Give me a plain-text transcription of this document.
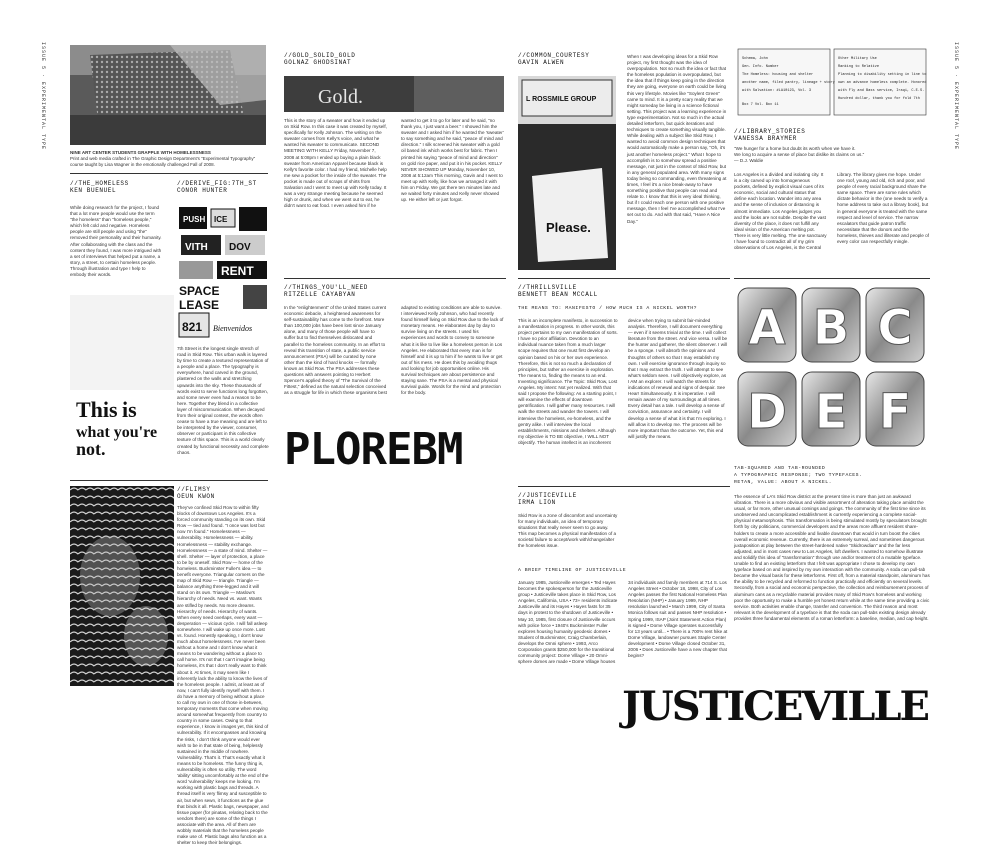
ISSUE 5 · EXPERIMENTAL TYPE	ISSUE 5 · EXPERIMENTAL TYPE
NINE ART CENTER STUDENTS GRAPPLE WITH HOMELESSNESS
Print and web media crafted in The Graphic Design Department's "Experimental Typography" course taught by Lisa Wagner in the emotionally challenged Fall of 2008.
//THE_HOMELESS
KEN BUENUEL
While doing research for the project, I found that a lot more people would use the term "the homeless" than "homeless people," which felt cold and negative. Homeless people are still people and using "the" removed their personality and their humanity. After collaborating with the class and the content they found, I was more intrigued with a set of interviews that helped put a name, a story, a street, to certain homeless people. Through illustration and type I help to embody their words.
//DERIVE_FIG:7TH_ST
CONOR HUNTER
PUSH ICE
VITH DOV
RENT
SPACE
LEASE
821 Bienvenidos
This is
what you're
not.
7th Street is the longest single stretch of road in Skid Row. This urban walk is layered by time to create a textured representation of a people and a place. The typography is everywhere, hand carved in the ground, plastered on the walls and stretching upwards into the sky. These thousands of words exist to serve functions long forgotten, and some never even had a reason to be here. Together they blend in a collective layer of miscommunication. When decayed from their original context, the words often cease to have a true meaning and are left to be interpreted by the viewer, consumer, observer or participant in this collective texture of this space. This is a world clearly created by functional necessity and complete chaos.
//FLIMSY
OEUN KWON
They've confined Skid Row to within fifty blocks of downtown Los Angeles. It's a forced community standing on its own. Skid Row — tied and found. "I once was lost but now I'm found." Homelessness — vulnerability. Homelessness — ability. Homelessness — stability exchange. Homelessness — a state of mind. Shelter — shell. Shelter — layer of protection, a place to be by oneself. Skid Row — home of the homeless. Buckminster Fuller's idea — to benefit everyone. Triangular corners on the map of Skid Row — triangle. Triangle — balance anything three-legged and it will stand on its own. Triangle — Maslow's hierarchy of needs. Need vs. want. Wants are stifled by needs. No more dreams. Hierarchy of needs. Hierarchy of wants. When every need overlaps, every want — desperation — vicious cycle. I will fall asleep somewhere. I will wake up once more. Lost vs. found. Honestly speaking, I don't know much about homelessness. I've never been without a home and I don't know what it means to be wandering without a place to call home. It's not that I can't imagine being homeless, it's that I don't really want to think about it. At times, it may seem like I inherently lack the ability to know the lives of the homeless people. I admit, at least as of now, I can't fully identify myself with them. I do have a memory of being without a place to call my own in one of those in-between, temporary moments that come when moving around somewhat frequently from country to country in some cases. Owing to that experience, I know in images yet, this kind of vulnerability. If it encompasses and knowing the risks, I don't think anyone would ever wish to be in that state of being, helplessly sustained in the middle of nowhere. Vulnerability. That's it. That's exactly what it means to be homeless. The funny thing is, vulnerability is often so utility. The word 'ability' sitting uncomfortably at the end of the word 'vulnerability' keeps me looking. I'm working with plastic bags and threads. A thread itself is very flimsy and susceptible to air, but when sewn, it functions as the glue that binds it all. Plastic bags, newspaper, and tissue paper (for pinatas, relating back to the vendors there) are some of the things I associate with the area. All of them are wobbly materials that the homeless people make use of. Plastic bags also function as a shelter to keep their belongings.
//GOLD_SOLID_GOLD
GOLNAZ GHODSINAT
Gold.
This is the story of a sweater and how it ended up on Skid Row. In this case it was created by myself, specifically for Kelly Johnson. The writing on the sweater comes from Kelly's voice, and what he wanted his sweater to communicate. SECOND MEETING WITH KELLY Friday, November 7, 2008 at 5:08pm I ended up buying a plain black sweater from American Apparel because black is Kelly's favorite color. I had my friend, Michelle help me sew a pocket for the inside of the sweater. The pocket is made out of scraps of shirts from Salvation and I went to meet up with Kelly today. It was a very strange meeting because he seemed high or drunk, and when we went out to eat, he didn't want to eat food. I even asked him if he wanted to get it to go for later and he said, "no thank you, I just want a beer." I showed him the sweater and I asked him if he wanted the 'sweater' to say something and he said, "peace of mind and direction." I silk screened his sweater with a gold oil based ink which works best for fabric. Then I printed his saying "peace of mind and direction" on gold rice paper, and put it in his pocket. KELLY NEVER SHOWED UP Monday, November 10, 2008 at 5:12am This morning, Gavin and I went to meet up with Kelly, like how we arranged it with him on Friday. We got there ten minutes late and we waited forty minutes and Kelly never showed up. He either left or just forgot.
//THINGS_YOU'LL_NEED
RITZELLE CAYABYAN
In the "enlightenment" of the United States current economic debacle, a heightened awareness for self-sustainability has come to the forefront. More than 100,000 jobs have been lost since January alone, and many of those people will have to suffer but to find themselves dislocated and parallel to the homeless community. In an effort to reveal this transition of state, a public service announcement (PSA) will be curated by none other than the kind of hard knocks — formally known as Skid Row. The PSA addresses these questions with answers pointing to Herbert Spencer's applied theory of "The Survival of the Fittest," defined as the natural selection conceived as a struggle for life in which these organisms best adapted to existing conditions are able to survive. I interviewed Kelly Johnson, who had recently found himself living on Skid Row due to the lack of monetary means. He elaborates day by day to survive living on the streets. I used his experiences and words to convey to someone what it is like to live like a homeless person in Los Angeles. He elaborated that every man is for himself and it is up to him if he wants to live or get out of his mess. He does this by avoiding thugs and looking for job opportunities online. His survival techniques are about persistence and staying sane. The PSA is a mental and physical survival guide. Words for the mind and protection for the body.
PLOREBM
//COMMON_COURTESY
GAVIN ALWEN
L ROSSMILE GROUP
Please.
When I was developing ideas for a Skid Row project, my first thought was the idea of overpopulation. Not so much the idea or fact that the homeless population is overpopulated, but the idea that if things keep going in the direction they are going, everyone on earth could be living this very lifestyle. Movies like "Soylent Green" came to mind. It is a pretty scary reality that we might someday be living in a science fictional setting. This project was a learning experience in type experimentation. Not so much in the actual detailed letterform, but quick iterations and techniques to create something visually tangible. While dealing with a subject like Skid Row, I wanted to avoid common design techniques that would automatically make a person say, "Oh, it's just another homeless project." What I hope to accomplish is to somehow spread a positive message, not just in the context of Skid Row, but in any general populated area. With many signs today being so commanding, even threatening at times, I feel it's a nice break-away to have something positive that people can read and relate to. I know that this is very ideal thinking, but if I could reach one person with one positive message, then I feel I've accomplished what I've set out to do. And with that said, "Have A Nice Day."
//THRILLSVILLE
BENNETT BEAN MCCALL
THE MEANS TO: MANIFESTO / HOW MUCH IS A NICKEL WORTH?
This is an incomplete manifesto, in succession to a manifestation in progress. In other words, this project pertains to my own manifestation of sorts. I have no prior affiliation. Devotion to an individual nuance taken from a much larger scope requires that one must first develop an opinion based on his or her own experience. Therefore, this is not so much a declaration of principles, but rather an exercise in exploration. The means to, finding the means to an end. Inventing significance. The Topic: Skid Row, Lost Angeles. My intent: Not yet realized. With that said I propose the following: As a starting point, I will examine the effects of downtown gentrification. I will gather many resources. I will walk the streets and wander the towers. I will interview the homeless, ex-homeless, and the gentry alike. I will interview the local establishments, missions and shelters. Although my objective is TO BE objective, I WILL NOT objectify. The human intellect is an incoherent device when trying to submit fair-minded analysis. Therefore, I will document everything — even if it seems trivial at the time. I will collect literature from the street. And vice versa. I will be the hunter and gatherer, the silent observer. I will be a sponge. I will absorb the opinions and thoughts of others so that I may establish my own. I will exercise ignorance through inquiry so that I may extract the truth. I will attempt to see what's seldom seen. I will objectively explore, as I AM an explorer. I will watch the streets for indications of renewal and signs of despair. See Hear! Simultaneously. It is imperative. I will remain aware of my surroundings at all times. Every detail has a tale. I will develop a sense of conviction, assurance and certainty. I will develop a sense of what it is that I'm exploring. I will allow it to develop me. The process will be more important than the outcome. Yet, this end will justify the means.
//JUSTICEVILLE
IRMA LION
Skid Row is a zone of discomfort and uncertainty for many individuals, an idea of temporary situations that really never seem to go away. This map becomes a physical manifestation of a societal failure to accept/work with/change/alter the homeless issue.
A BRIEF TIMELINE OF JUSTICEVILLE
January 1985, Justiceville emerges • Ted Hayes becomes the spokesperson for the Justiceville group • Justiceville takes place in Skid Row, Los Angeles, California, USA • 73+ residents indicate Justiceville and its Hayes • Hayes fasts for 35 days in protest to the shutdown of Justiceville • May 10, 1985, first closure of Justiceville occurs with police force • 1940's Buckminster Fuller explores housing humanity geodesic domes • Student of Buckminster, Craig Chamberlain, develops the Omni sphere • 1993, Arco Corporation grants $250,000 for the transitional community project: Dome Village • 20 Omni-sphere domes are made • Dome Village houses 34 individuals and family members at 714 S. Los Angeles Street • October 18, 1998, City of Los Angeles passes the first National Homeless Plan Resolution (NHP) • January 1999, NHP resolution launched • March 1999, City of Santa Monica follows suit and passes NHP resolution • Spring 1999, ISAP (Joint Statement Action Plan) is signed • Dome Village operates successfully for 13 years until... • There is a 700% rent hike at Dome Village, landowner pursues Staple Center development • Dome Village closed October 31, 2006 • Does Justiceville have a new chapter that begins?
JUSTICEVILLE
Schema, John
Gen. Info. Number
The Homeless: housing and shelter
another name, filed pantry, lineage + story
with Salvation: #LA10123, Vol. 3
Box 7 Vol. Box 11
Other Military Use
Ranking to Relative
Planning to disability setting in line to
own an advance homeless complete. Honored
with Fly and Bass service, Iraqi, C.E.S.
Hundred dollar, thank you for fold 7th
//LIBRARY_STORIES
VANESSA BRAYMER
"We hunger for a home but doubt its worth when we have it.
We long to acquire a sense of place but dislike its claims on us."
— D.J. Waldie
Los Angeles is a divided and isolating city. It is a city carved up into homogeneous pockets, defined by explicit visual cues of its economic, social and cultural status that define each location. Wander into any area and the sense of inclusion or distancing is almost immediate. Los Angeles judges you and the looks are not subtle. Despite the vast diversity of the place, it does not fulfill any ideal vision of the American melting pot. There is very little melting. The one sanctuary I have found to contradict all of my grim observations of Los Angeles, is the Central Library. The library gives me hope. Under one roof, young and old, rich and poor, and people of every racial background share the same space. There are some rules which dictate behavior in the (one needs to verify a home address to take out a library book), but in general everyone is treated with the same respect and level of service. The narrow escalators that guide patron traffic necessitate that the donors and the homeless, thieves and illiterate and people of every color can respectfully mingle.
A B C
D E F
TAB-SQUARED AND TAB-ROUNDED
A TYPOGRAPHIC RESPONSE; TWO TYPEFACES.
RETAN, VALUE: ABOUT A NICKEL.
The essence of LA's Skid Row district at the present time is more than just an awkward vibration. There is a more obvious and visible assortment of alteration taking place amidst the usual, or far more, other unusual comings and goings. The community of the first time since its unobserved and uncomplicated establishment is currently experiencing a complete social-physical metamorphosis. This transformation is being stimulated mostly by speculators brought forth by city politicians, commercial developers and the areas more affluent resident share-holders to create a more accessible and livable downtown that would in turn boost the cities overall economic revenue. Currently, there is an extremely surreal, and sometimes dangerous juxtaposition at play between the street-hardened native "Skidrowdian" and the far less adjusted, and in most cases new to Los Angeles, loft dwellers. I wanted to somehow illustrate and solidify this idea of "transformation" through use and/or treatment of a mutable typeface. Unable to find an existing letterform that I felt was appropriate I chose to develop my own typeface based on and inspired by my own interaction with the community. A soda can pull-tab became the visual basis for these letterforms. First off, from a material standpoint, aluminum has the ability to be recycled and reformed to function practically and efficiently on several levels. Secondly, from a social and economic perspective, the collection and reimbursement process of aluminum cans as a recyclable material provides many of Skid Row's homeless and working poor the opportunity to make a humble yet honest return while at the same time providing a civic service. Both activities enable change, transfer and conversion. The third reason and most relevant is the development of a typeface is that the soda can pull-tabs existing design already provides three fundamental elements of a roman letterform: a baseline, median, and cap height.
